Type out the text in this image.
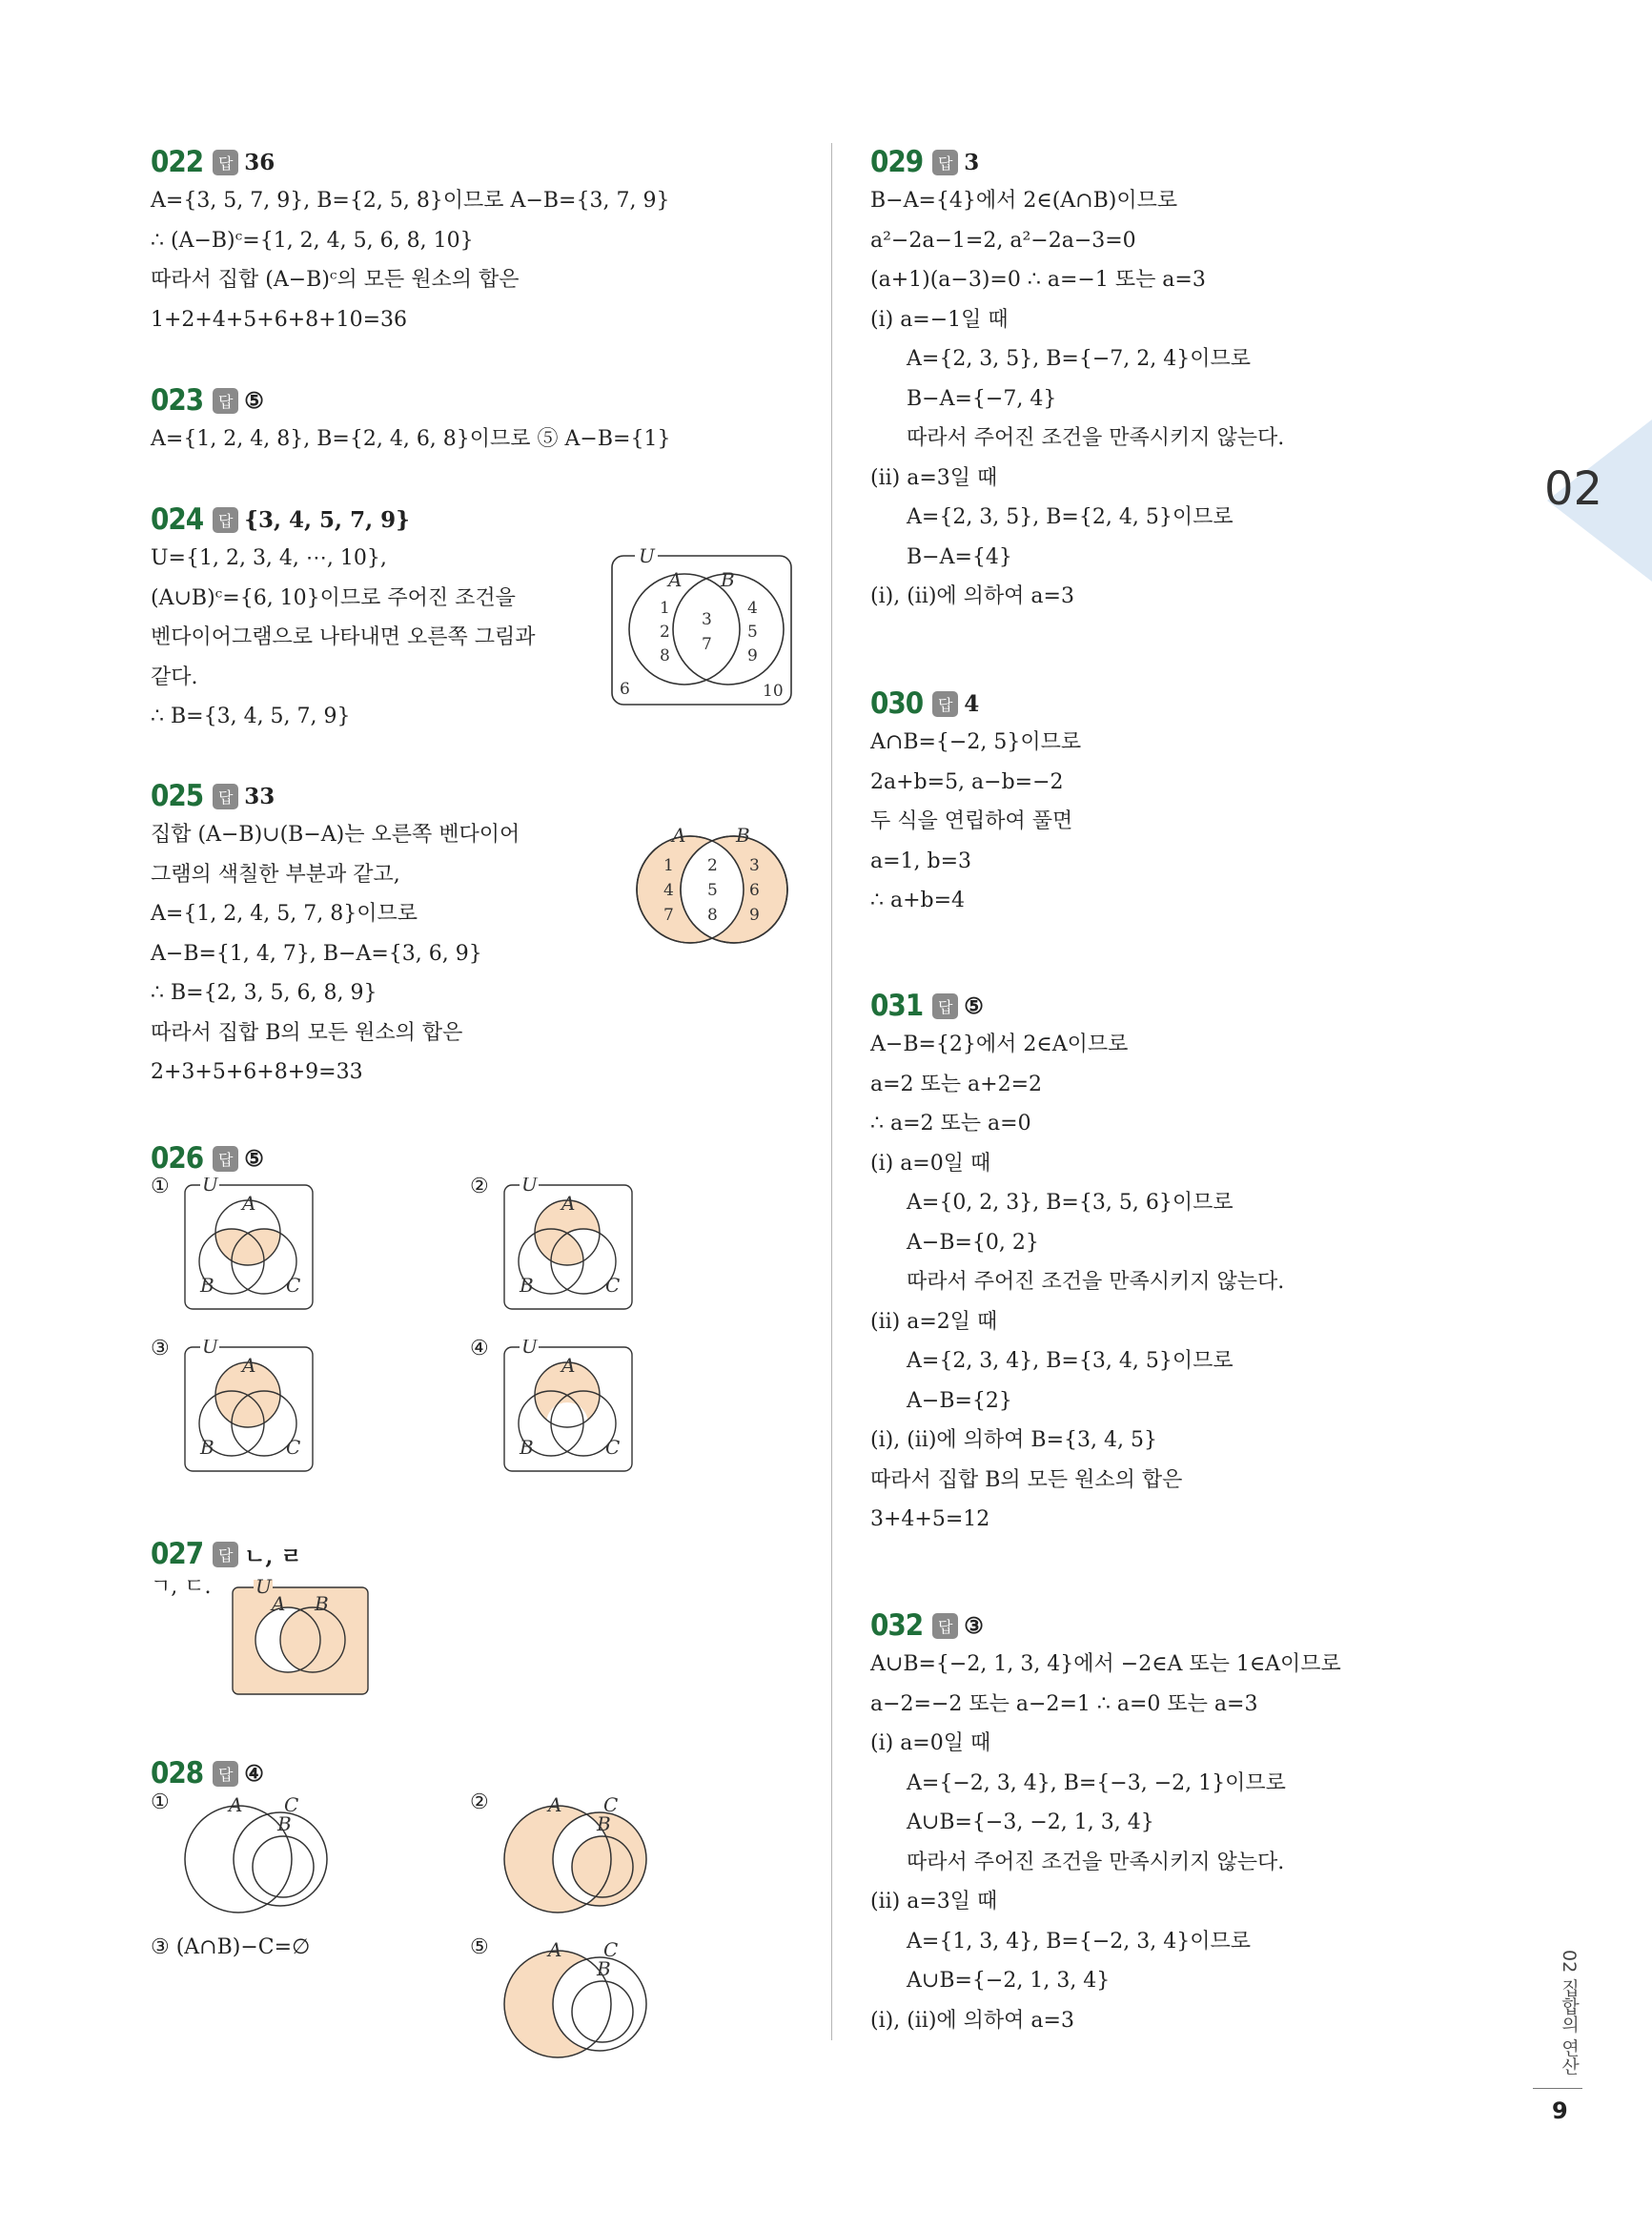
02
022 답 36
A={3, 5, 7, 9}, B={2, 5, 8}이므로 A−B={3, 7, 9}
∴ (A−B)ᶜ={1, 2, 4, 5, 6, 8, 10}
따라서 집합 (A−B)ᶜ의 모든 원소의 합은
1+2+4+5+6+8+10=36
023 답 ⑤
A={1, 2, 4, 8}, B={2, 4, 6, 8}이므로 ⑤ A−B={1}
024 답 {3, 4, 5, 7, 9}
U={1, 2, 3, 4, ⋯, 10},
(A∪B)ᶜ={6, 10}이므로 주어진 조건을
벤다이어그램으로 나타내면 오른쪽 그림과
같다.
∴ B={3, 4, 5, 7, 9}
U
A B
1
2
8
3
7
4
5
9
6	10
025 답 33
집합 (A−B)∪(B−A)는 오른쪽 벤다이어
그램의 색칠한 부분과 같고,
A={1, 2, 4, 5, 7, 8}이므로
A−B={1, 4, 7}, B−A={3, 6, 9}
∴ B={2, 3, 5, 6, 8, 9}
따라서 집합 B의 모든 원소의 합은
2+3+5+6+8+9=33
A	B
1
4
7
2
5
8
3
6
9
026 답 ⑤
① U
A
B	C
② U
A
B	C
③ U
A
B	C
④ U
A
B	C
027 답 ㄴ, ㄹ
ㄱ, ㄷ.	U
A B
028 답 ④
①	A C
B
②	A C
B
③ (A∩B)−C=∅	⑤	A C
B
029 답 3
B−A={4}에서 2∈(A∩B)이므로
a²−2a−1=2, a²−2a−3=0
(a+1)(a−3)=0 ∴ a=−1 또는 a=3
(ⅰ) a=−1일 때
A={2, 3, 5}, B={−7, 2, 4}이므로
B−A={−7, 4}
따라서 주어진 조건을 만족시키지 않는다.
(ⅱ) a=3일 때
A={2, 3, 5}, B={2, 4, 5}이므로
B−A={4}
(ⅰ), (ⅱ)에 의하여 a=3
030 답 4
A∩B={−2, 5}이므로
2a+b=5, a−b=−2
두 식을 연립하여 풀면
a=1, b=3
∴ a+b=4
031 답 ⑤
A−B={2}에서 2∈A이므로
a=2 또는 a+2=2
∴ a=2 또는 a=0
(ⅰ) a=0일 때
A={0, 2, 3}, B={3, 5, 6}이므로
A−B={0, 2}
따라서 주어진 조건을 만족시키지 않는다.
(ⅱ) a=2일 때
A={2, 3, 4}, B={3, 4, 5}이므로
A−B={2}
(ⅰ), (ⅱ)에 의하여 B={3, 4, 5}
따라서 집합 B의 모든 원소의 합은
3+4+5=12
032 답 ③
A∪B={−2, 1, 3, 4}에서 −2∈A 또는 1∈A이므로
a−2=−2 또는 a−2=1 ∴ a=0 또는 a=3
(ⅰ) a=0일 때
A={−2, 3, 4}, B={−3, −2, 1}이므로
A∪B={−3, −2, 1, 3, 4}
따라서 주어진 조건을 만족시키지 않는다.
(ⅱ) a=3일 때
A={1, 3, 4}, B={−2, 3, 4}이므로
A∪B={−2, 1, 3, 4}
(ⅰ), (ⅱ)에 의하여 a=3	02 집합의 연산
9
